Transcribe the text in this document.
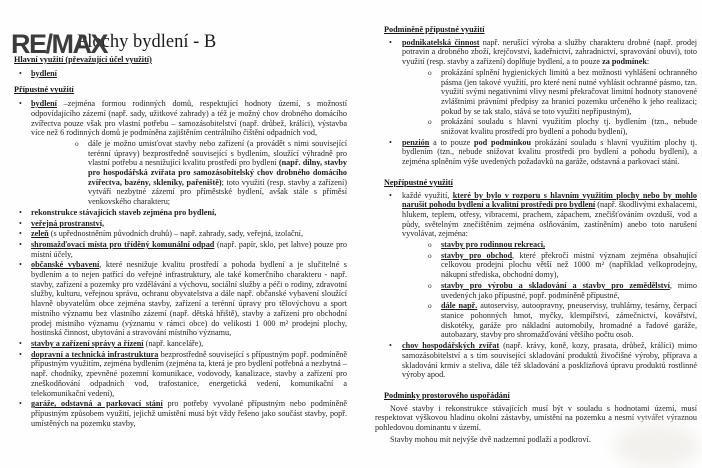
Plochy bydlení - B
RE/MAX
Hlavní využití (převažující účel využití)
• bydlení
Přípustné využití
• bydlení –zejména formou rodinných domů, respektující hodnoty území, s možností odpovídajícího zázemí (např. sady, užitkové zahrady) a též je možný chov drobného domácího zvířectva pouze však pro vlastní potřebu – samozásobitelství (např. drůbež, králíci), výstavba více než 6 rodinných domů je podmíněna zajištěním centrálního čištění odpadních vod,
o dále je možno umisťovat stavby nebo zařízení (a provádět s nimi související terénní úpravy) bezprostředně související s bydlením, sloužící výhradně pro vlastní potřebu a nesnižující kvalitu prostředí pro bydlení (např. dílny, stavby pro hospodářská zvířata pro samozásobitelský chov drobného domácího zvířectva, bazény, skleníky, pařeniště); toto využití (resp. stavby a zařízení) vytváří nezbytné zázemí pro příměstské bydlení, avšak stále s příměsí venkovského charakteru;
• rekonstrukce stávajících staveb zejména pro bydlení,
• veřejná prostranství,
• zeleň (s upřednostněním původních druhů) – např. zahrady, sady, veřejná, izolační,
• shromažďovací místa pro tříděný komunální odpad (např. papír, sklo, pet lahve) pouze pro místní účely,
• občanské vybavení, které nesnižuje kvalitu prostředí a pohoda bydlení a je slučitelné s bydlením a to nejen patřící do veřejné infrastruktury, ale také komerčního charakteru - např. stavby, zařízení a pozemky pro vzdělávání a výchovu, sociální služby a péči o rodiny, zdravotní služby, kulturu, veřejnou správu, ochranu obyvatelstva a dále např. občanské vybavení sloužící hlavně obyvatelům obce zejména stavby, zařízení a terénní úpravy pro tělovýchovu a sport místního významu bez vlastního zázemí (např. dětská hřiště), stavby a zařízení pro obchodní prodej místního významu (významu v rámci obce) do velikosti 1 000 m² prodejní plochy, hostinská činnost, ubytování a stravování místního významu,
• stavby a zařízení správy a řízení (např. kanceláře),
• dopravní a technická infrastruktura bezprostředně související s přípustným popř. podmíněně přípustným využitím, zejména bydlením (zejména ta, která je pro bydlení potřebná a nezbytná – např. chodníky, zpevněné pozemní komunikace, vodovody, kanalizace, stavby a zařízení pro zneškodňování odpadních vod, trafostanice, energetická vedení, komunikační a telekomunikační vedení),
• garáže, odstavná a parkovací stání pro potřeby vyvolané přípustným nebo podmíněně přípustným způsobem využití, jejichž umístění musí být vždy řešeno jako součást stavby, popř. umístěných na pozemku stavby,
Podmíněně přípustné využití
• podnikatelská činnost např. nerušící výroba a služby charakteru drobné (např. prodej potravin a drobného zboží, krejčovství, kadeřnictví, zahradnictví, spravování obuvi), toto využití (resp. stavby a zařízení) doplňuje bydlení, a to pouze za podmínek:
o prokázání splnění hygienických limitů a bez možnosti vyhlášení ochranného pásma (jen takové využití, pro které není nutné vyhlásit ochranné pásmo, tzn. využití svými negativními vlivy nesmí překračovat limitní hodnoty stanovené zvláštními právními předpisy za hranicí pozemku určeného k jeho realizaci; pokud by se tak stalo, stává se toto využití nepřípustným),
o prokázání souladu s hlavní využitím plochy tj. bydlením (tzn., nebude snižovat kvalitu prostředí pro bydlení a pohodu bydlení),
• penzión a to pouze pod podmínkou prokázání souladu s hlavní využitím plochy tj. bydlením (tzn., nebude snižovat kvalitu prostředí pro bydlení a pohodu bydlení), a zejména splněním výše uvedených požadavků na garáže, odstavná a parkovací stání.
Nepřípustné využití
• každé využití, které by bylo v rozporu s hlavním využitím plochy nebo by mohlo narušit pohodu bydlení a kvalitní prostředí pro bydlení (např. škodlivými exhalacemi, hlukem, teplem, otřesy, vibracemi, prachem, zápachem, znečišťováním ovzduší, vod a půdy, světelným znečištěním zejména oslňováním, zastíněním) anebo toto narušení vyvolávat, zejména:
o stavby pro rodinnou rekreaci,
o stavby pro obchod, které překročí místní význam zejména obsahující celkovou prodejní plochu větší než 1000 m² (například velkoprodejny, nákupní střediska, obchodní domy),
o stavby pro výrobu a skladování a stavby pro zemědělství, mimo uvedených jako přípustné, popř. podmíněně přípustné,
o dále např. autoservisy, autoopravny, pneuservisy, truhlárny, tesárny, čerpací stanice pohonných hmot, myčky, klempířství, zámečnictví, kovářství, diskotéky, garáže pro nákladní automobily, hromadné a řadové garáže, autobazary, stavby pro shromažďování většího počtu osob.
• chov hospodářských zvířat (např. krávy, koně, kozy, prasata, drůbež, králíci) mimo samozásobitelství a s tím související skladování produktů živočišné výroby, příprava a skladování krmiv a steliva, dále též skladování a posklizňová úpravu produktů rostlinné výroby apod.
Podmínky prostorového uspořádání
Nové stavby i rekonstrukce stávajících musí být v souladu s hodnotami území, musí respektovat výškovou hladinu okolní zástavby, umístění na pozemku a nesmí vytvářet výraznou pohledovou dominantu v území.
Stavby mohou mít nejvýše dvě nadzemní podlaží a podkroví.
